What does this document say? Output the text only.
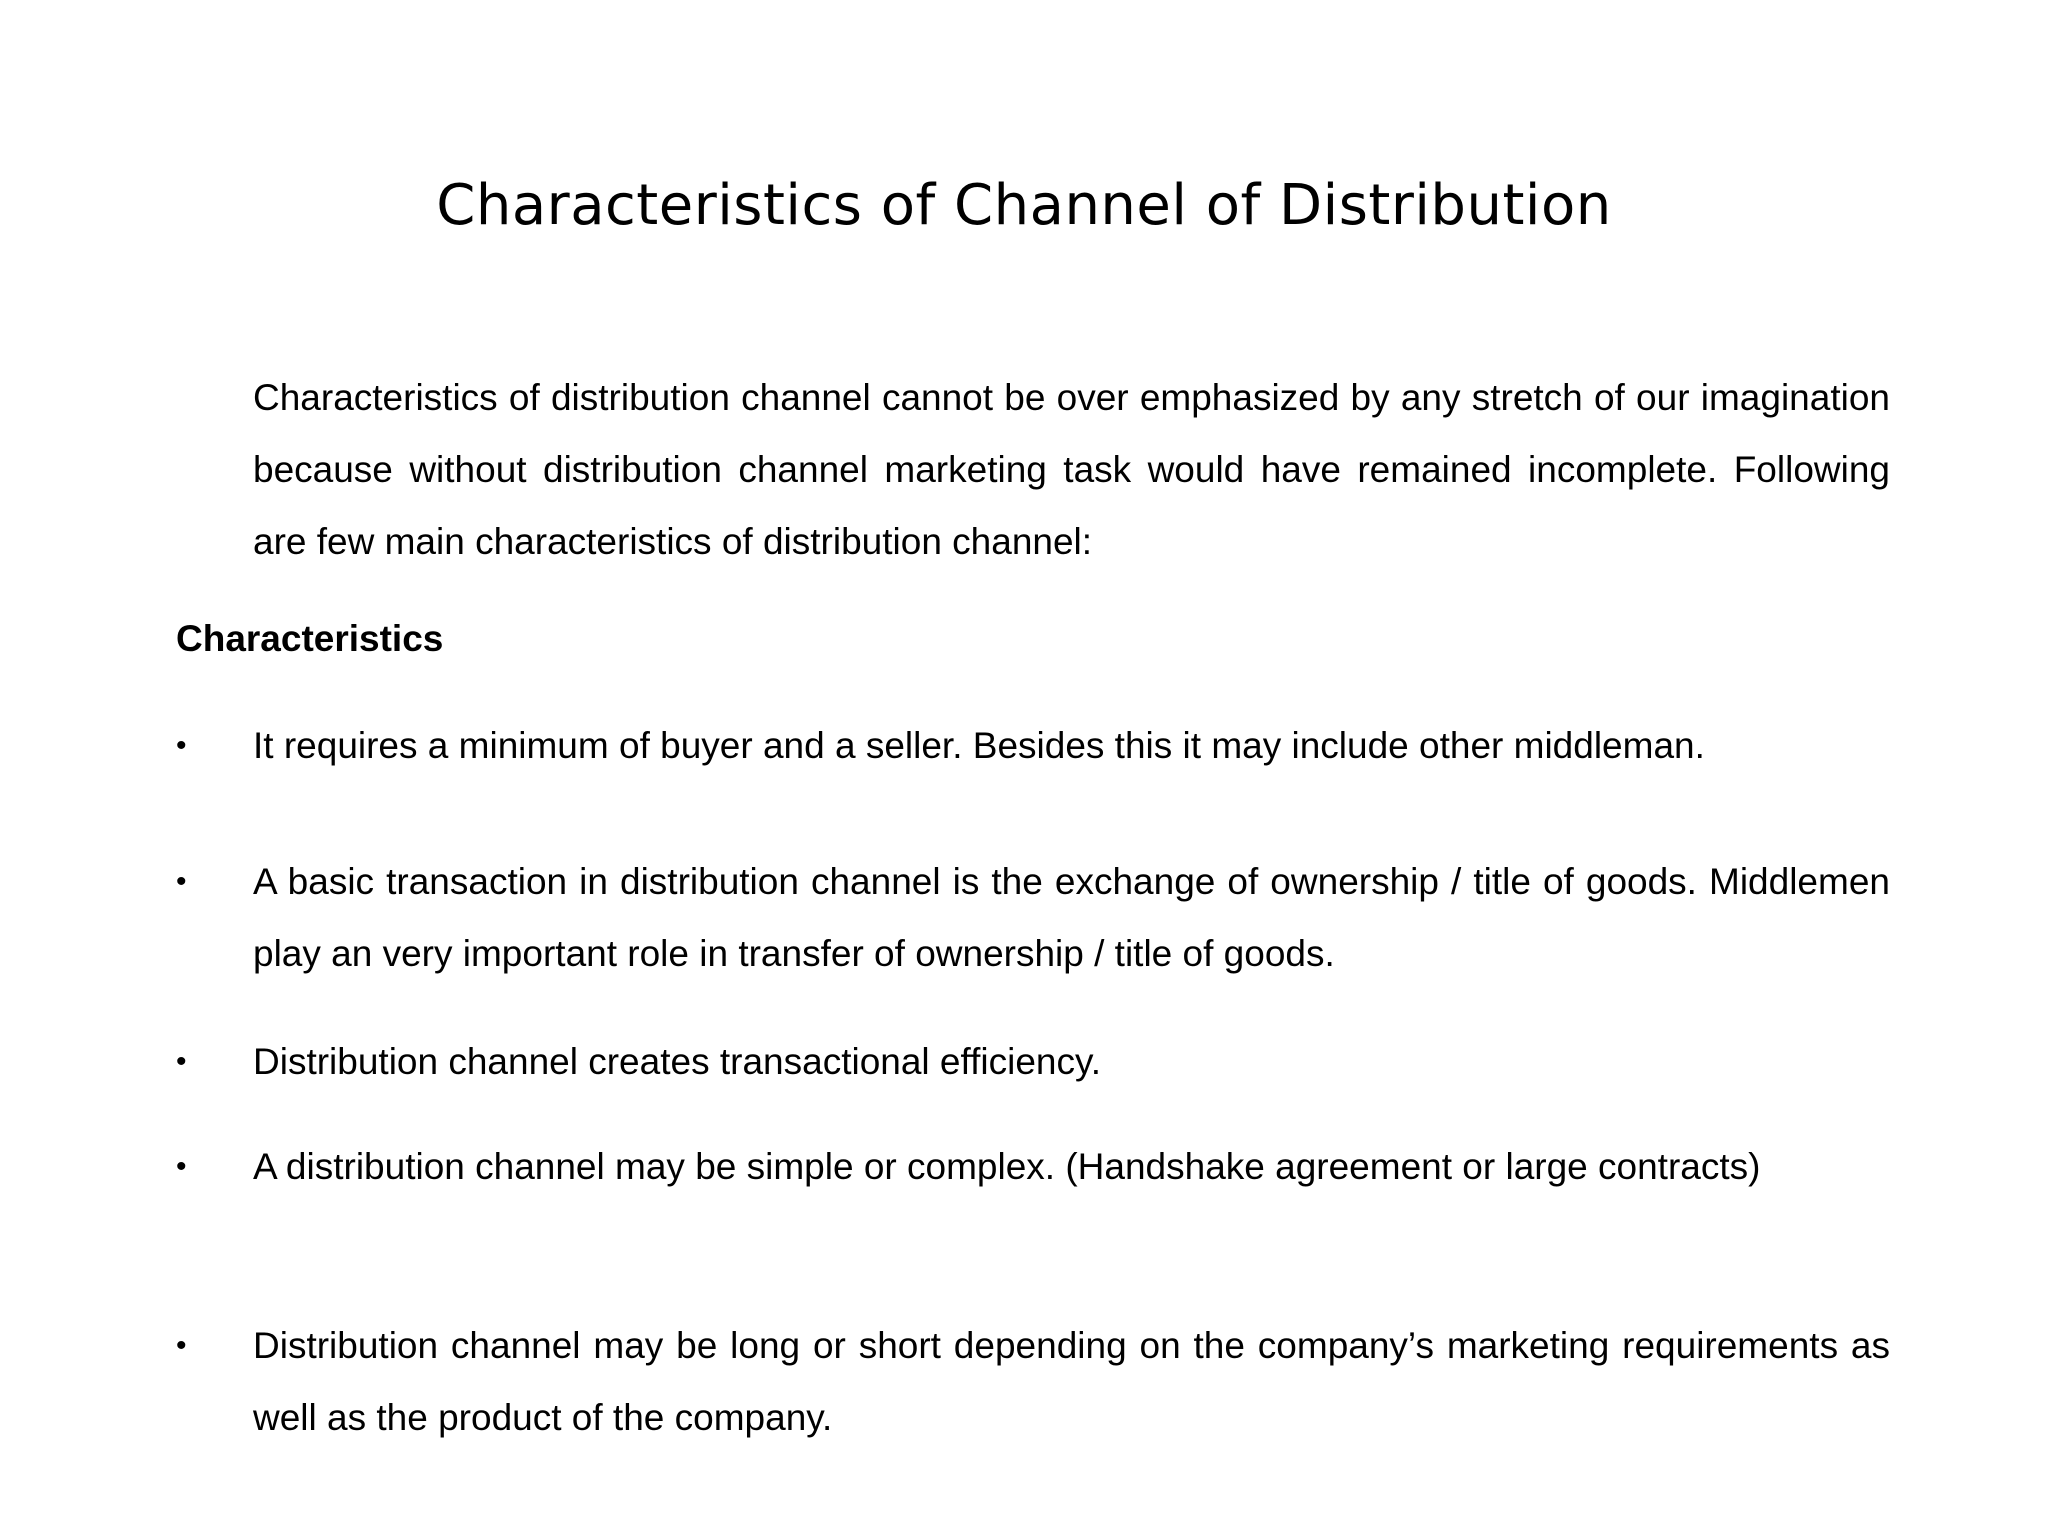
Characteristics of Channel of Distribution

Characteristics of distribution channel cannot be over emphasized by any stretch of our imagination because without distribution channel marketing task would have remained incomplete. Following are few main characteristics of distribution channel:

Characteristics
• It requires a minimum of buyer and a seller. Besides this it may include other middleman.
• A basic transaction in distribution channel is the exchange of ownership / title of goods. Middlemen play an very important role in transfer of ownership / title of goods.
• Distribution channel creates transactional efficiency.
• A distribution channel may be simple or complex. (Handshake agreement or large contracts)
• Distribution channel may be long or short depending on the company’s marketing requirements as well as the product of the company.
